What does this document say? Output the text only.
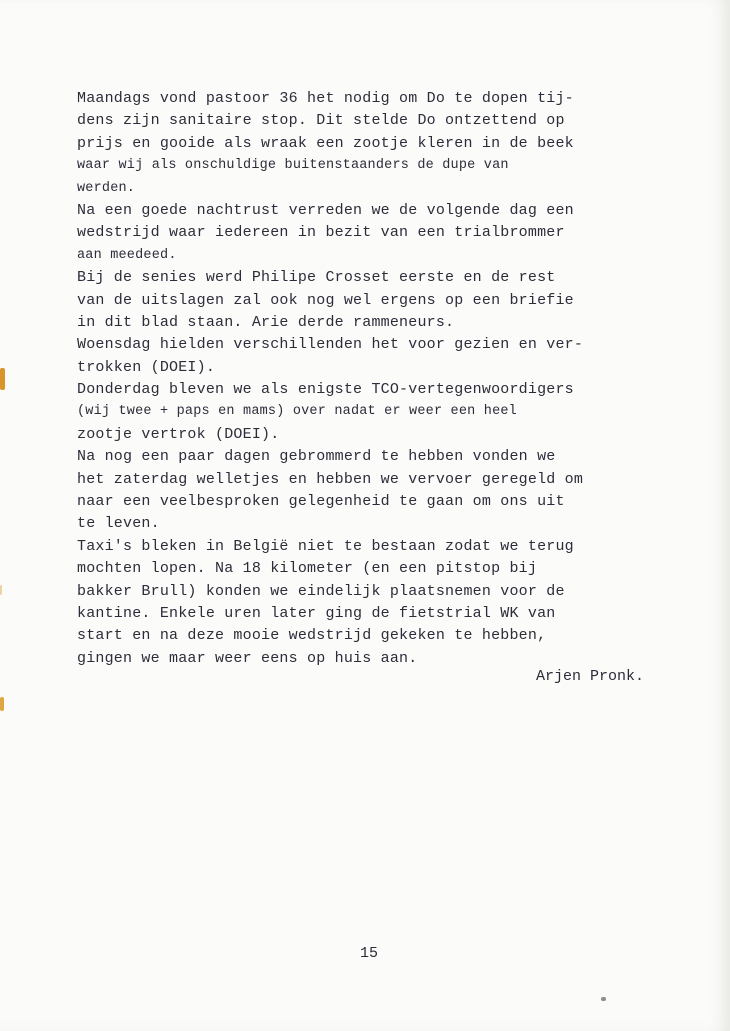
Maandags vond pastoor 36 het nodig om Do te dopen tij-
dens zijn sanitaire stop. Dit stelde Do ontzettend op
prijs en gooide als wraak een zootje kleren in de beek
waar wij als onschuldige buitenstaanders de dupe van
werden.
Na een goede nachtrust verreden we de volgende dag een
wedstrijd waar iedereen in bezit van een trialbrommer
aan meedeed.
Bij de senies werd Philipe Crosset eerste en de rest
van de uitslagen zal ook nog wel ergens op een briefie
in dit blad staan. Arie derde rammeneurs.
Woensdag hielden verschillenden het voor gezien en ver-
trokken (DOEI).
Donderdag bleven we als enigste TCO-vertegenwoordigers
(wij twee + paps en mams) over nadat er weer een heel
zootje vertrok (DOEI).
Na nog een paar dagen gebrommerd te hebben vonden we
het zaterdag welletjes en hebben we vervoer geregeld om
naar een veelbesproken gelegenheid te gaan om ons uit
te leven.
Taxi's bleken in België niet te bestaan zodat we terug
mochten lopen. Na 18 kilometer (en een pitstop bij
bakker Brull) konden we eindelijk plaatsnemen voor de
kantine. Enkele uren later ging de fietstrial WK van
start en na deze mooie wedstrijd gekeken te hebben,
gingen we maar weer eens op huis aan.
Arjen Pronk.
15
